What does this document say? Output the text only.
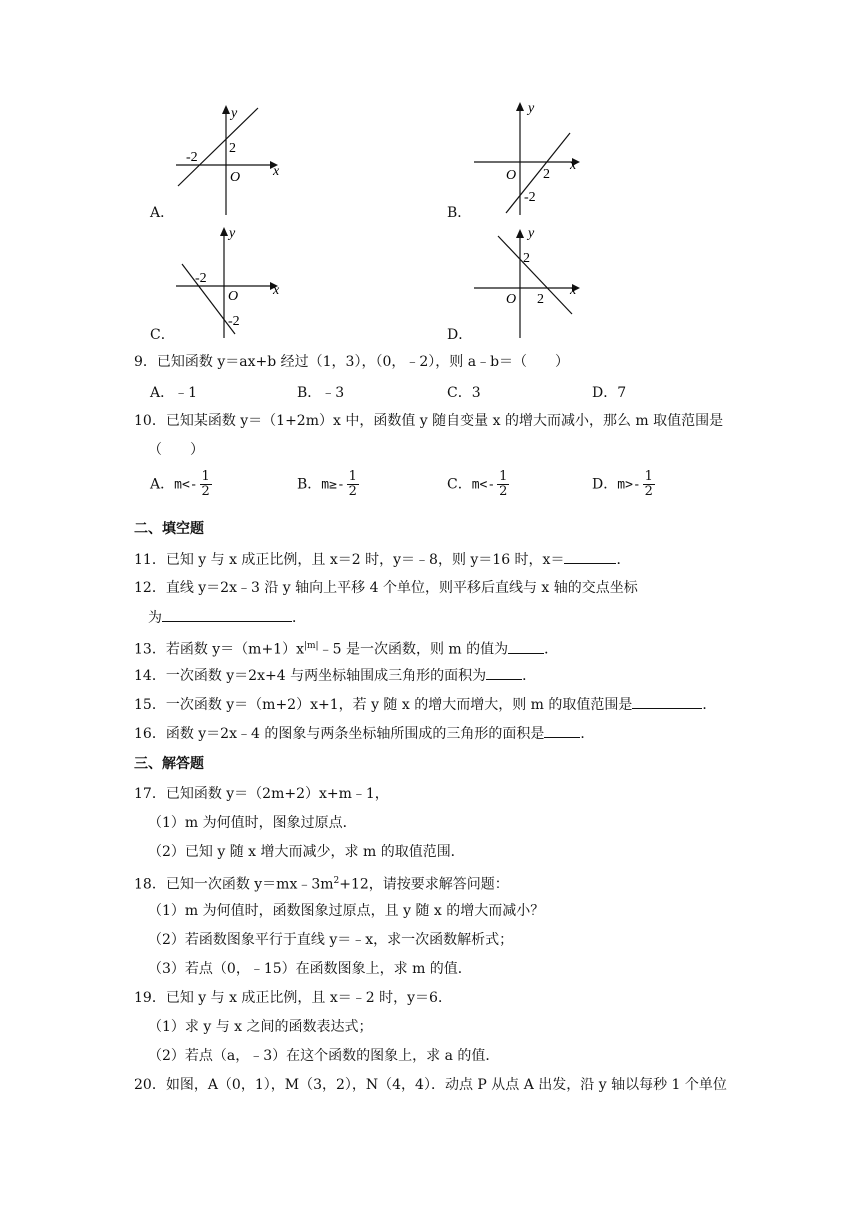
y
x
O
-2
2
A．
y
x
O 2
-2
B．
y
x
O
-2
-2
C．
y
x
O
2
2
D．
9．已知函数 y＝ax+b 经过（1，3），（0，﹣2），则 a﹣b＝（　　）
A．﹣1	B．﹣3	C．3	D．7
10．已知某函数 y＝（1+2m）x 中，函数值 y 随自变量 x 的增大而减小，那么 m 取值范围是
（　　）
A．$m<- \frac{1}{2}$	B．$m\ge- \frac{1}{2}$	C．$m<- \frac{1}{2}$	D．$m>- \frac{1}{2}$
二、填空题
11．已知 y 与 x 成正比例，且 x＝2 时，y＝﹣8，则 y＝16 时，x＝	．
12．直线 y＝2x﹣3 沿 y 轴向上平移 4 个单位，则平移后直线与 x 轴的交点坐标
为	．
13．若函数 $y=(m+1)x^{|m|}﹣5$ 是一次函数，则 m 的值为	．
14．一次函数 y＝2x+4 与两坐标轴围成三角形的面积为	．
15．一次函数 y＝（m+2）x+1，若 y 随 x 的增大而增大，则 m 的取值范围是	．
16．函数 y＝2x﹣4 的图象与两条坐标轴所围成的三角形的面积是	．
三、解答题
17．已知函数 y＝（2m+2）x+m﹣1，
（1）m 为何值时，图象过原点．
（2）已知 y 随 x 增大而减少，求 m 的取值范围．
18．已知一次函数 $y=mx﹣3m^2+12$，请按要求解答问题：
（1）m 为何值时，函数图象过原点，且 y 随 x 的增大而减小？
（2）若函数图象平行于直线 y＝﹣x，求一次函数解析式；
（3）若点（0，﹣15）在函数图象上，求 m 的值．
19．已知 y 与 x 成正比例，且 x＝﹣2 时，y＝6．
（1）求 y 与 x 之间的函数表达式；
（2）若点（a，﹣3）在这个函数的图象上，求 a 的值．
20．如图，A（0，1），M（3，2），N（4，4）．动点 P 从点 A 出发，沿 y 轴以每秒 1 个单位
